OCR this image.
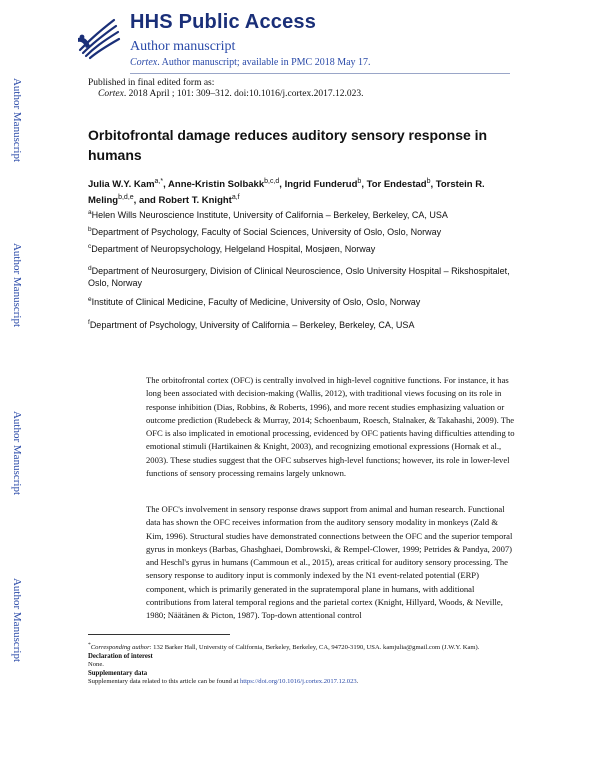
HHS Public Access
Author manuscript
Cortex. Author manuscript; available in PMC 2018 May 17.
Author Manuscript
Author Manuscript
Author Manuscript
Author Manuscript
Published in final edited form as:
Cortex. 2018 April ; 101: 309–312. doi:10.1016/j.cortex.2017.12.023.
Orbitofrontal damage reduces auditory sensory response in humans
Julia W.Y. Kam$^{a,*}$, Anne-Kristin Solbakk$^{b,c,d}$, Ingrid Funderud$^b$, Tor Endestad$^b$, Torstein R. Meling$^{b,d,e}$, and Robert T. Knight$^{a,f}$
$^a$Helen Wills Neuroscience Institute, University of California – Berkeley, Berkeley, CA, USA
$^b$Department of Psychology, Faculty of Social Sciences, University of Oslo, Oslo, Norway
$^c$Department of Neuropsychology, Helgeland Hospital, Mosjøen, Norway
$^d$Department of Neurosurgery, Division of Clinical Neuroscience, Oslo University Hospital – Rikshospitalet, Oslo, Norway
$^e$Institute of Clinical Medicine, Faculty of Medicine, University of Oslo, Oslo, Norway
$^f$Department of Psychology, University of California – Berkeley, Berkeley, CA, USA

The orbitofrontal cortex (OFC) is centrally involved in high-level cognitive functions. For instance, it has long been associated with decision-making (Wallis, 2012), with traditional views focusing on its role in response inhibition (Dias, Robbins, & Roberts, 1996), and more recent studies emphasizing valuation or outcome prediction (Rudebeck & Murray, 2014; Schoenbaum, Roesch, Stalnaker, & Takahashi, 2009). The OFC is also implicated in emotional processing, evidenced by OFC patients having difficulties attending to emotional stimuli (Hartikainen & Knight, 2003), and recognizing emotional expressions (Hornak et al., 2003). These studies suggest that the OFC subserves high-level functions; however, its role in lower-level functions of sensory processing remains largely unknown.

The OFC's involvement in sensory response draws support from animal and human research. Functional data has shown the OFC receives information from the auditory sensory modality in monkeys (Zald & Kim, 1996). Structural studies have demonstrated connections between the OFC and the superior temporal gyrus in monkeys (Barbas, Ghashghaei, Dombrowski, & Rempel-Clower, 1999; Petrides & Pandya, 2007) and Heschl's gyrus in humans (Cammoun et al., 2015), areas critical for auditory sensory processing. The sensory response to auditory input is commonly indexed by the N1 event-related potential (ERP) component, which is primarily generated in the supratemporal plane in humans, with additional contributions from lateral temporal regions and the parietal cortex (Knight, Hillyard, Woods, & Neville, 1980; Näätänen & Picton, 1987). Top-down attentional control

*Corresponding author: 132 Barker Hall, University of California, Berkeley, Berkeley, CA, 94720-3190, USA. kamjulia@gmail.com (J.W.Y. Kam).
Declaration of interest
None.
Supplementary data
Supplementary data related to this article can be found at https://doi.org/10.1016/j.cortex.2017.12.023.
